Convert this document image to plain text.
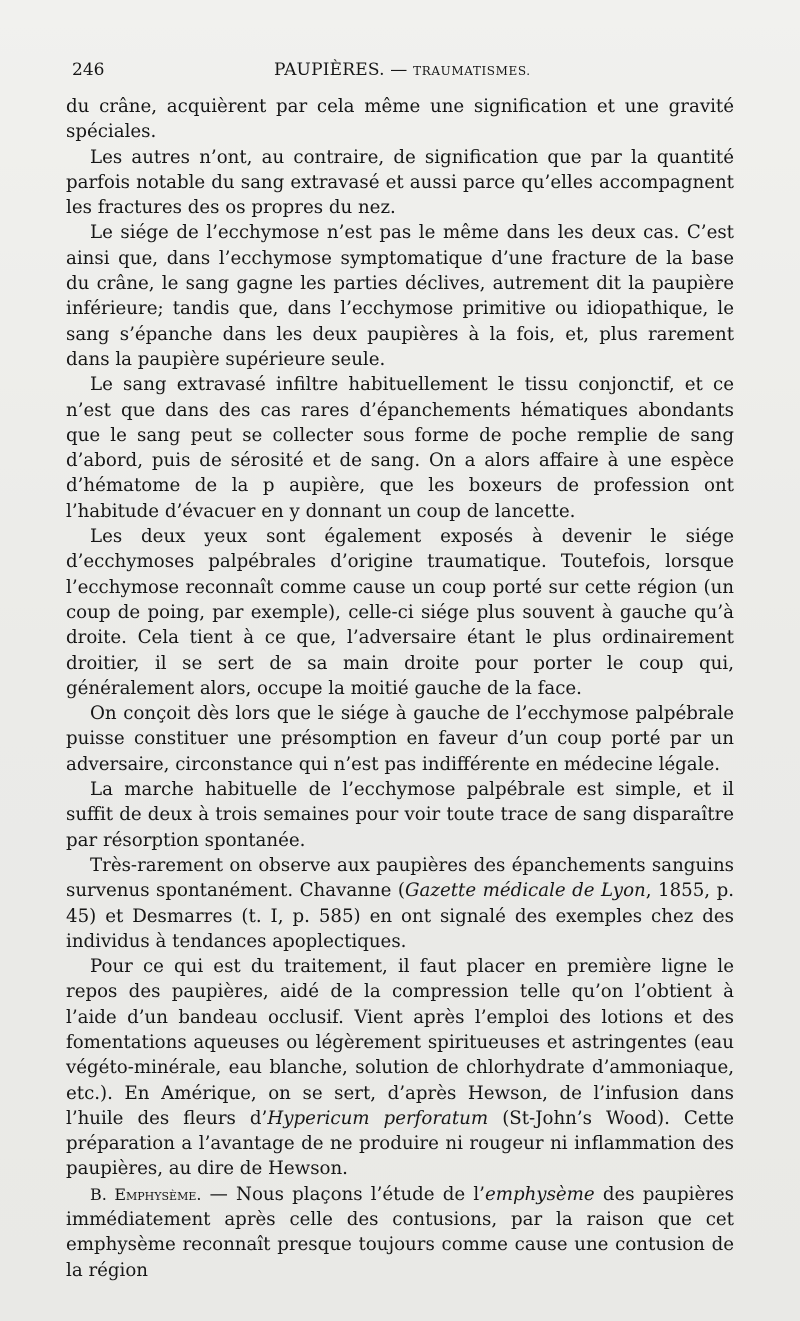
246	PAUPIÈRES. — TRAUMATISMES.

du crâne, acquièrent par cela même une signification et une gravité spéciales.

Les autres n’ont, au contraire, de signification que par la quantité parfois notable du sang extravasé et aussi parce qu’elles accompagnent les fractures des os propres du nez.

Le siége de l’ecchymose n’est pas le même dans les deux cas. C’est ainsi que, dans l’ecchymose symptomatique d’une fracture de la base du crâne, le sang gagne les parties déclives, autrement dit la paupière inférieure; tandis que, dans l’ecchymose primitive ou idiopathique, le sang s’épanche dans les deux paupières à la fois, et, plus rarement dans la paupière supérieure seule.

Le sang extravasé infiltre habituellement le tissu conjonctif, et ce n’est que dans des cas rares d’épanchements hématiques abondants que le sang peut se collecter sous forme de poche remplie de sang d’abord, puis de sérosité et de sang. On a alors affaire à une espèce d’hématome de la p aupière, que les boxeurs de profession ont l’habitude d’évacuer en y donnant un coup de lancette.

Les deux yeux sont également exposés à devenir le siége d’ecchymoses palpébrales d’origine traumatique. Toutefois, lorsque l’ecchymose reconnaît comme cause un coup porté sur cette région (un coup de poing, par exemple), celle-ci siége plus souvent à gauche qu’à droite. Cela tient à ce que, l’adversaire étant le plus ordinairement droitier, il se sert de sa main droite pour porter le coup qui, généralement alors, occupe la moitié gauche de la face.

On conçoit dès lors que le siége à gauche de l’ecchymose palpébrale puisse constituer une présomption en faveur d’un coup porté par un adversaire, circonstance qui n’est pas indifférente en médecine légale.

La marche habituelle de l’ecchymose palpébrale est simple, et il suffit de deux à trois semaines pour voir toute trace de sang disparaître par résorption spontanée.

Très-rarement on observe aux paupières des épanchements sanguins survenus spontanément. Chavanne (Gazette médicale de Lyon, 1855, p. 45) et Desmarres (t. I, p. 585) en ont signalé des exemples chez des individus à tendances apoplectiques.

Pour ce qui est du traitement, il faut placer en première ligne le repos des paupières, aidé de la compression telle qu’on l’obtient à l’aide d’un bandeau occlusif. Vient après l’emploi des lotions et des fomentations aqueuses ou légèrement spiritueuses et astringentes (eau végéto-minérale, eau blanche, solution de chlorhydrate d’ammoniaque, etc.). En Amérique, on se sert, d’après Hewson, de l’infusion dans l’huile des fleurs d’Hypericum perforatum (St-John’s Wood). Cette préparation a l’avantage de ne produire ni rougeur ni inflammation des paupières, au dire de Hewson.

B. Emphysème. — Nous plaçons l’étude de l’emphysème des paupières immédiatement après celle des contusions, par la raison que cet emphysème reconnaît presque toujours comme cause une contusion de la région
